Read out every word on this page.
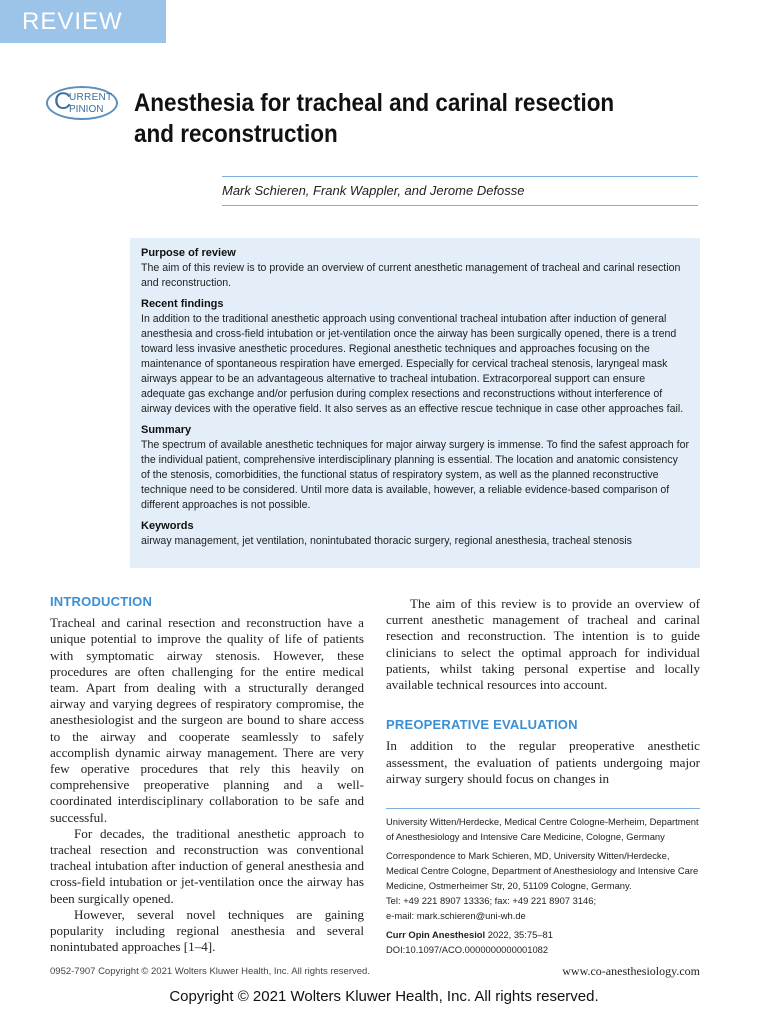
REVIEW
C
URRENT
PINION Anesthesia for tracheal and carinal resection
and reconstruction
Mark Schieren, Frank Wappler, and Jerome Defosse
Purpose of review

The aim of this review is to provide an overview of current anesthetic management of tracheal and carinal resection and reconstruction.

Recent findings

In addition to the traditional anesthetic approach using conventional tracheal intubation after induction of general anesthesia and cross-field intubation or jet-ventilation once the airway has been surgically opened, there is a trend toward less invasive anesthetic procedures. Regional anesthetic techniques and approaches focusing on the maintenance of spontaneous respiration have emerged. Especially for cervical tracheal stenosis, laryngeal mask airways appear to be an advantageous alternative to tracheal intubation. Extracorporeal support can ensure adequate gas exchange and/or perfusion during complex resections and reconstructions without interference of airway devices with the operative field. It also serves as an effective rescue technique in case other approaches fail.

Summary

The spectrum of available anesthetic techniques for major airway surgery is immense. To find the safest approach for the individual patient, comprehensive interdisciplinary planning is essential. The location and anatomic consistency of the stenosis, comorbidities, the functional status of respiratory system, as well as the planned reconstructive technique need to be considered. Until more data is available, however, a reliable evidence-based comparison of different approaches is not possible.

Keywords

airway management, jet ventilation, nonintubated thoracic surgery, regional anesthesia, tracheal stenosis

INTRODUCTION

Tracheal and carinal resection and reconstruction have a unique potential to improve the quality of life of patients with symptomatic airway stenosis. However, these procedures are often challenging for the entire medical team. Apart from dealing with a structurally deranged airway and varying degrees of respiratory compromise, the anesthesiologist and the surgeon are bound to share access to the airway and cooperate seamlessly to safely accomplish dynamic airway management. There are very few operative procedures that rely this heavily on comprehensive preoperative planning and a well-coordinated interdisciplinary collaboration to be safe and successful.

For decades, the traditional anesthetic approach to tracheal resection and reconstruction was conventional tracheal intubation after induction of general anesthesia and cross-field intubation or jet-ventilation once the airway has been surgically opened.

However, several novel techniques are gaining popularity including regional anesthesia and several nonintubated approaches [1–4].

The aim of this review is to provide an overview of current anesthetic management of tracheal and carinal resection and reconstruction. The intention is to guide clinicians to select the optimal approach for individual patients, whilst taking personal expertise and locally available technical resources into account.

PREOPERATIVE EVALUATION

In addition to the regular preoperative anesthetic assessment, the evaluation of patients undergoing major airway surgery should focus on changes in

University Witten/Herdecke, Medical Centre Cologne-Merheim, Department of Anesthesiology and Intensive Care Medicine, Cologne, Germany

Correspondence to Mark Schieren, MD, University Witten/Herdecke, Medical Centre Cologne, Department of Anesthesiology and Intensive Care Medicine, Ostmerheimer Str, 20, 51109 Cologne, Germany.

Tel: +49 221 8907 13336; fax: +49 221 8907 3146;
e-mail: mark.schieren@uni-wh.de
Curr Opin Anesthesiol 2022, 35:75–81
DOI:10.1097/ACO.0000000000001082
0952-7907 Copyright © 2021 Wolters Kluwer Health, Inc. All rights reserved.	www.co-anesthesiology.com
Copyright © 2021 Wolters Kluwer Health, Inc. All rights reserved.
